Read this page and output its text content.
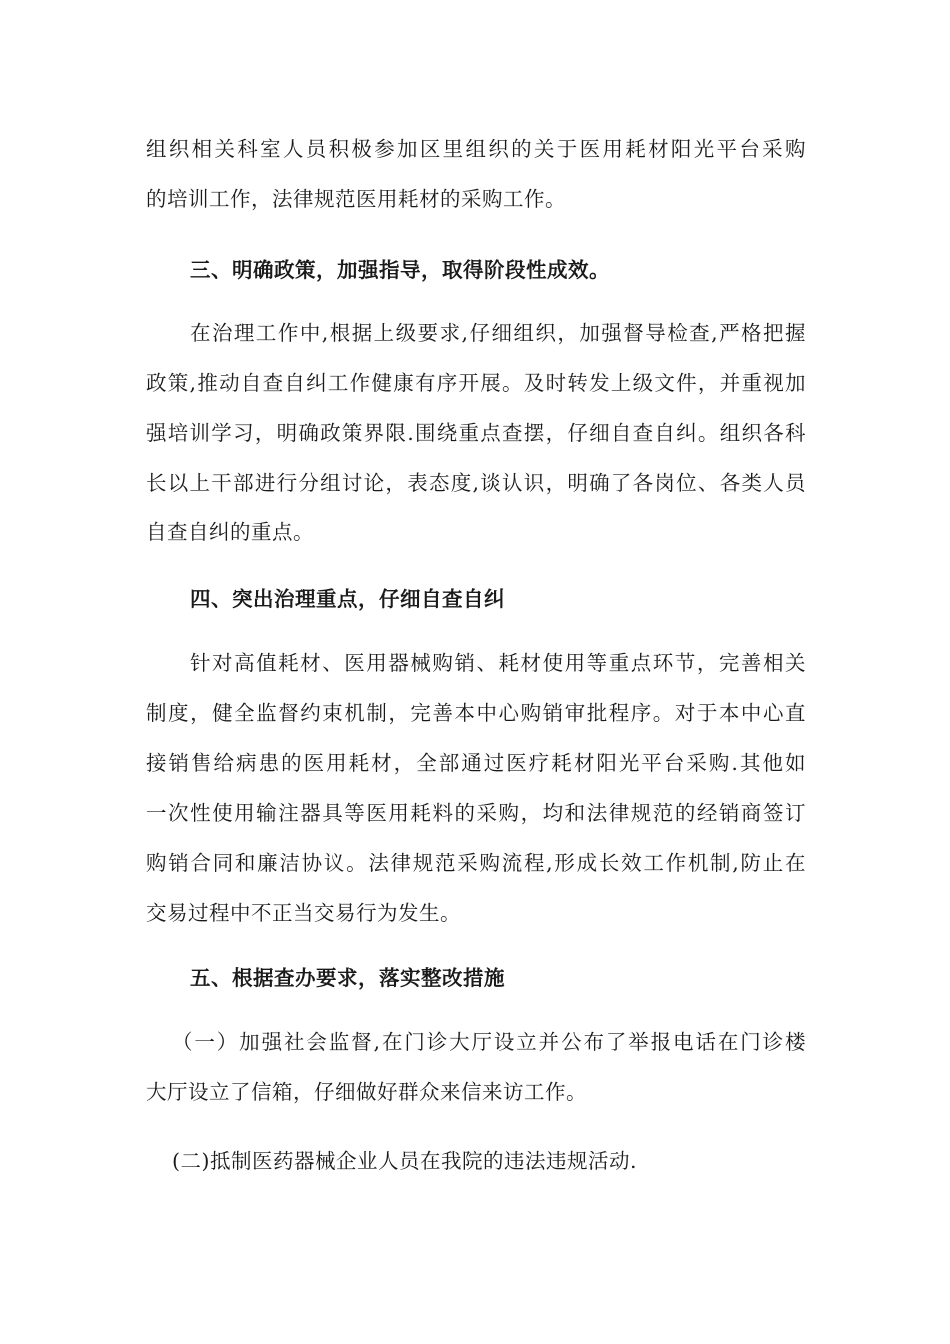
组织相关科室人员积极参加区里组织的关于医用耗材阳光平台采购
的培训工作，法律规范医用耗材的采购工作。
三、明确政策，加强指导，取得阶段性成效。
在治理工作中,根据上级要求,仔细组织，加强督导检查,严格把握
政策,推动自查自纠工作健康有序开展。及时转发上级文件，并重视加
强培训学习，明确政策界限.围绕重点查摆，仔细自查自纠。组织各科
长以上干部进行分组讨论，表态度,谈认识，明确了各岗位、各类人员
自查自纠的重点。
四、突出治理重点，仔细自查自纠
针对高值耗材、医用器械购销、耗材使用等重点环节，完善相关
制度，健全监督约束机制，完善本中心购销审批程序。对于本中心直
接销售给病患的医用耗材，全部通过医疗耗材阳光平台采购.其他如
一次性使用输注器具等医用耗料的采购，均和法律规范的经销商签订
购销合同和廉洁协议。法律规范采购流程,形成长效工作机制,防止在
交易过程中不正当交易行为发生。
五、根据查办要求，落实整改措施
（一）加强社会监督,在门诊大厅设立并公布了举报电话在门诊楼
大厅设立了信箱，仔细做好群众来信来访工作。
(二)抵制医药器械企业人员在我院的违法违规活动.
